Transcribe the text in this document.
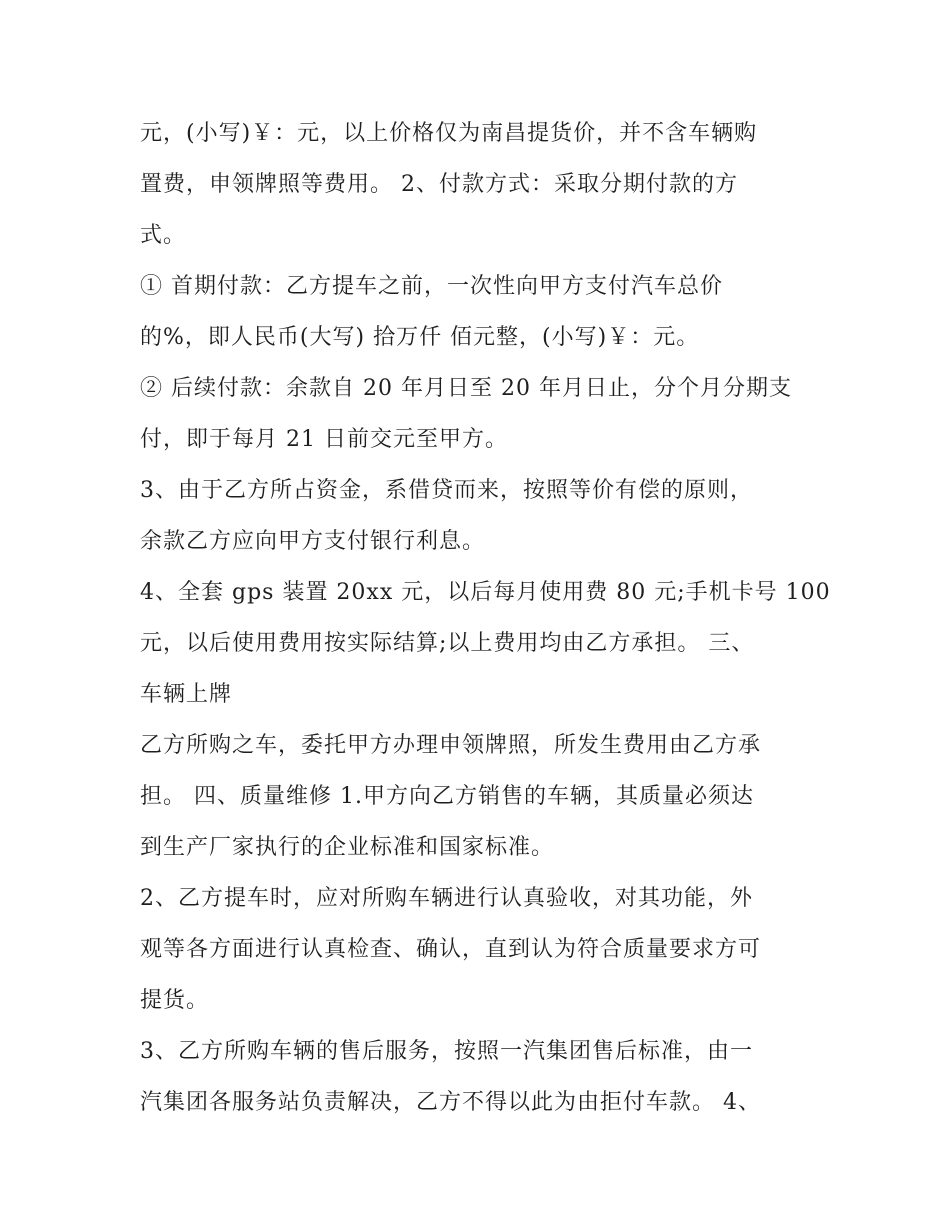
元，(小写)￥：元，以上价格仅为南昌提货价，并不含车辆购
置费，申领牌照等费用。 2、付款方式：采取分期付款的方
式。

① 首期付款：乙方提车之前，一次性向甲方支付汽车总价
的%，即人民币(大写) 拾万仟 佰元整，(小写)￥：元。

② 后续付款：余款自 20 年月日至 20 年月日止，分个月分期支
付，即于每月 21 日前交元至甲方。

3、由于乙方所占资金，系借贷而来，按照等价有偿的原则，
余款乙方应向甲方支付银行利息。

4、全套 gps 装置 20xx 元，以后每月使用费 80 元;手机卡号 100
元，以后使用费用按实际结算;以上费用均由乙方承担。 三、
车辆上牌

乙方所购之车，委托甲方办理申领牌照，所发生费用由乙方承
担。 四、质量维修 1.甲方向乙方销售的车辆，其质量必须达
到生产厂家执行的企业标准和国家标准。

2、乙方提车时，应对所购车辆进行认真验收，对其功能，外
观等各方面进行认真检查、确认，直到认为符合质量要求方可
提货。

3、乙方所购车辆的售后服务，按照一汽集团售后标准，由一
汽集团各服务站负责解决，乙方不得以此为由拒付车款。 4、
